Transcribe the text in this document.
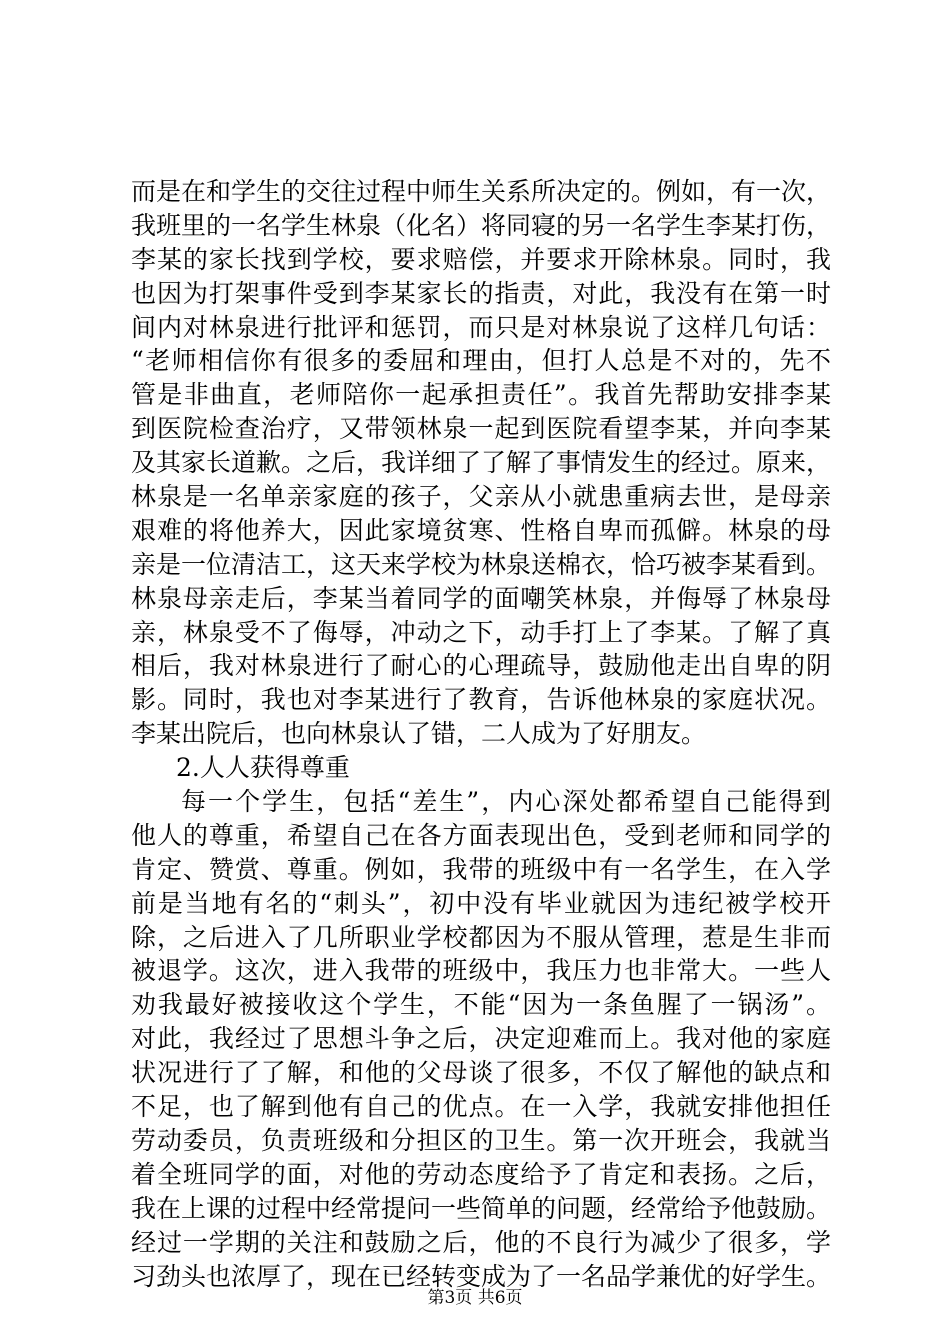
而是在和学生的交往过程中师生关系所决定的。例如，有一次，
我班里的一名学生林泉（化名）将同寝的另一名学生李某打伤，
李某的家长找到学校，要求赔偿，并要求开除林泉。同时，我
也因为打架事件受到李某家长的指责，对此，我没有在第一时
间内对林泉进行批评和惩罚，而只是对林泉说了这样几句话：
“老师相信你有很多的委屈和理由，但打人总是不对的，先不
管是非曲直，老师陪你一起承担责任”。我首先帮助安排李某
到医院检查治疗，又带领林泉一起到医院看望李某，并向李某
及其家长道歉。之后，我详细了了解了事情发生的经过。原来，
林泉是一名单亲家庭的孩子，父亲从小就患重病去世，是母亲
艰难的将他养大，因此家境贫寒、性格自卑而孤僻。林泉的母
亲是一位清洁工，这天来学校为林泉送棉衣，恰巧被李某看到。
林泉母亲走后，李某当着同学的面嘲笑林泉，并侮辱了林泉母
亲，林泉受不了侮辱，冲动之下，动手打上了李某。了解了真
相后，我对林泉进行了耐心的心理疏导，鼓励他走出自卑的阴
影。同时，我也对李某进行了教育，告诉他林泉的家庭状况。
李某出院后，也向林泉认了错，二人成为了好朋友。
2.人人获得尊重
每一个学生，包括“差生”，内心深处都希望自己能得到
他人的尊重，希望自己在各方面表现出色，受到老师和同学的
肯定、赞赏、尊重。例如，我带的班级中有一名学生，在入学
前是当地有名的“刺头”，初中没有毕业就因为违纪被学校开
除，之后进入了几所职业学校都因为不服从管理，惹是生非而
被退学。这次，进入我带的班级中，我压力也非常大。一些人
劝我最好被接收这个学生，不能“因为一条鱼腥了一锅汤”。
对此，我经过了思想斗争之后，决定迎难而上。我对他的家庭
状况进行了了解，和他的父母谈了很多，不仅了解他的缺点和
不足，也了解到他有自己的优点。在一入学，我就安排他担任
劳动委员，负责班级和分担区的卫生。第一次开班会，我就当
着全班同学的面，对他的劳动态度给予了肯定和表扬。之后，
我在上课的过程中经常提问一些简单的问题，经常给予他鼓励。
经过一学期的关注和鼓励之后，他的不良行为减少了很多，学
习劲头也浓厚了，现在已经转变成为了一名品学兼优的好学生。
第3页 共6页
